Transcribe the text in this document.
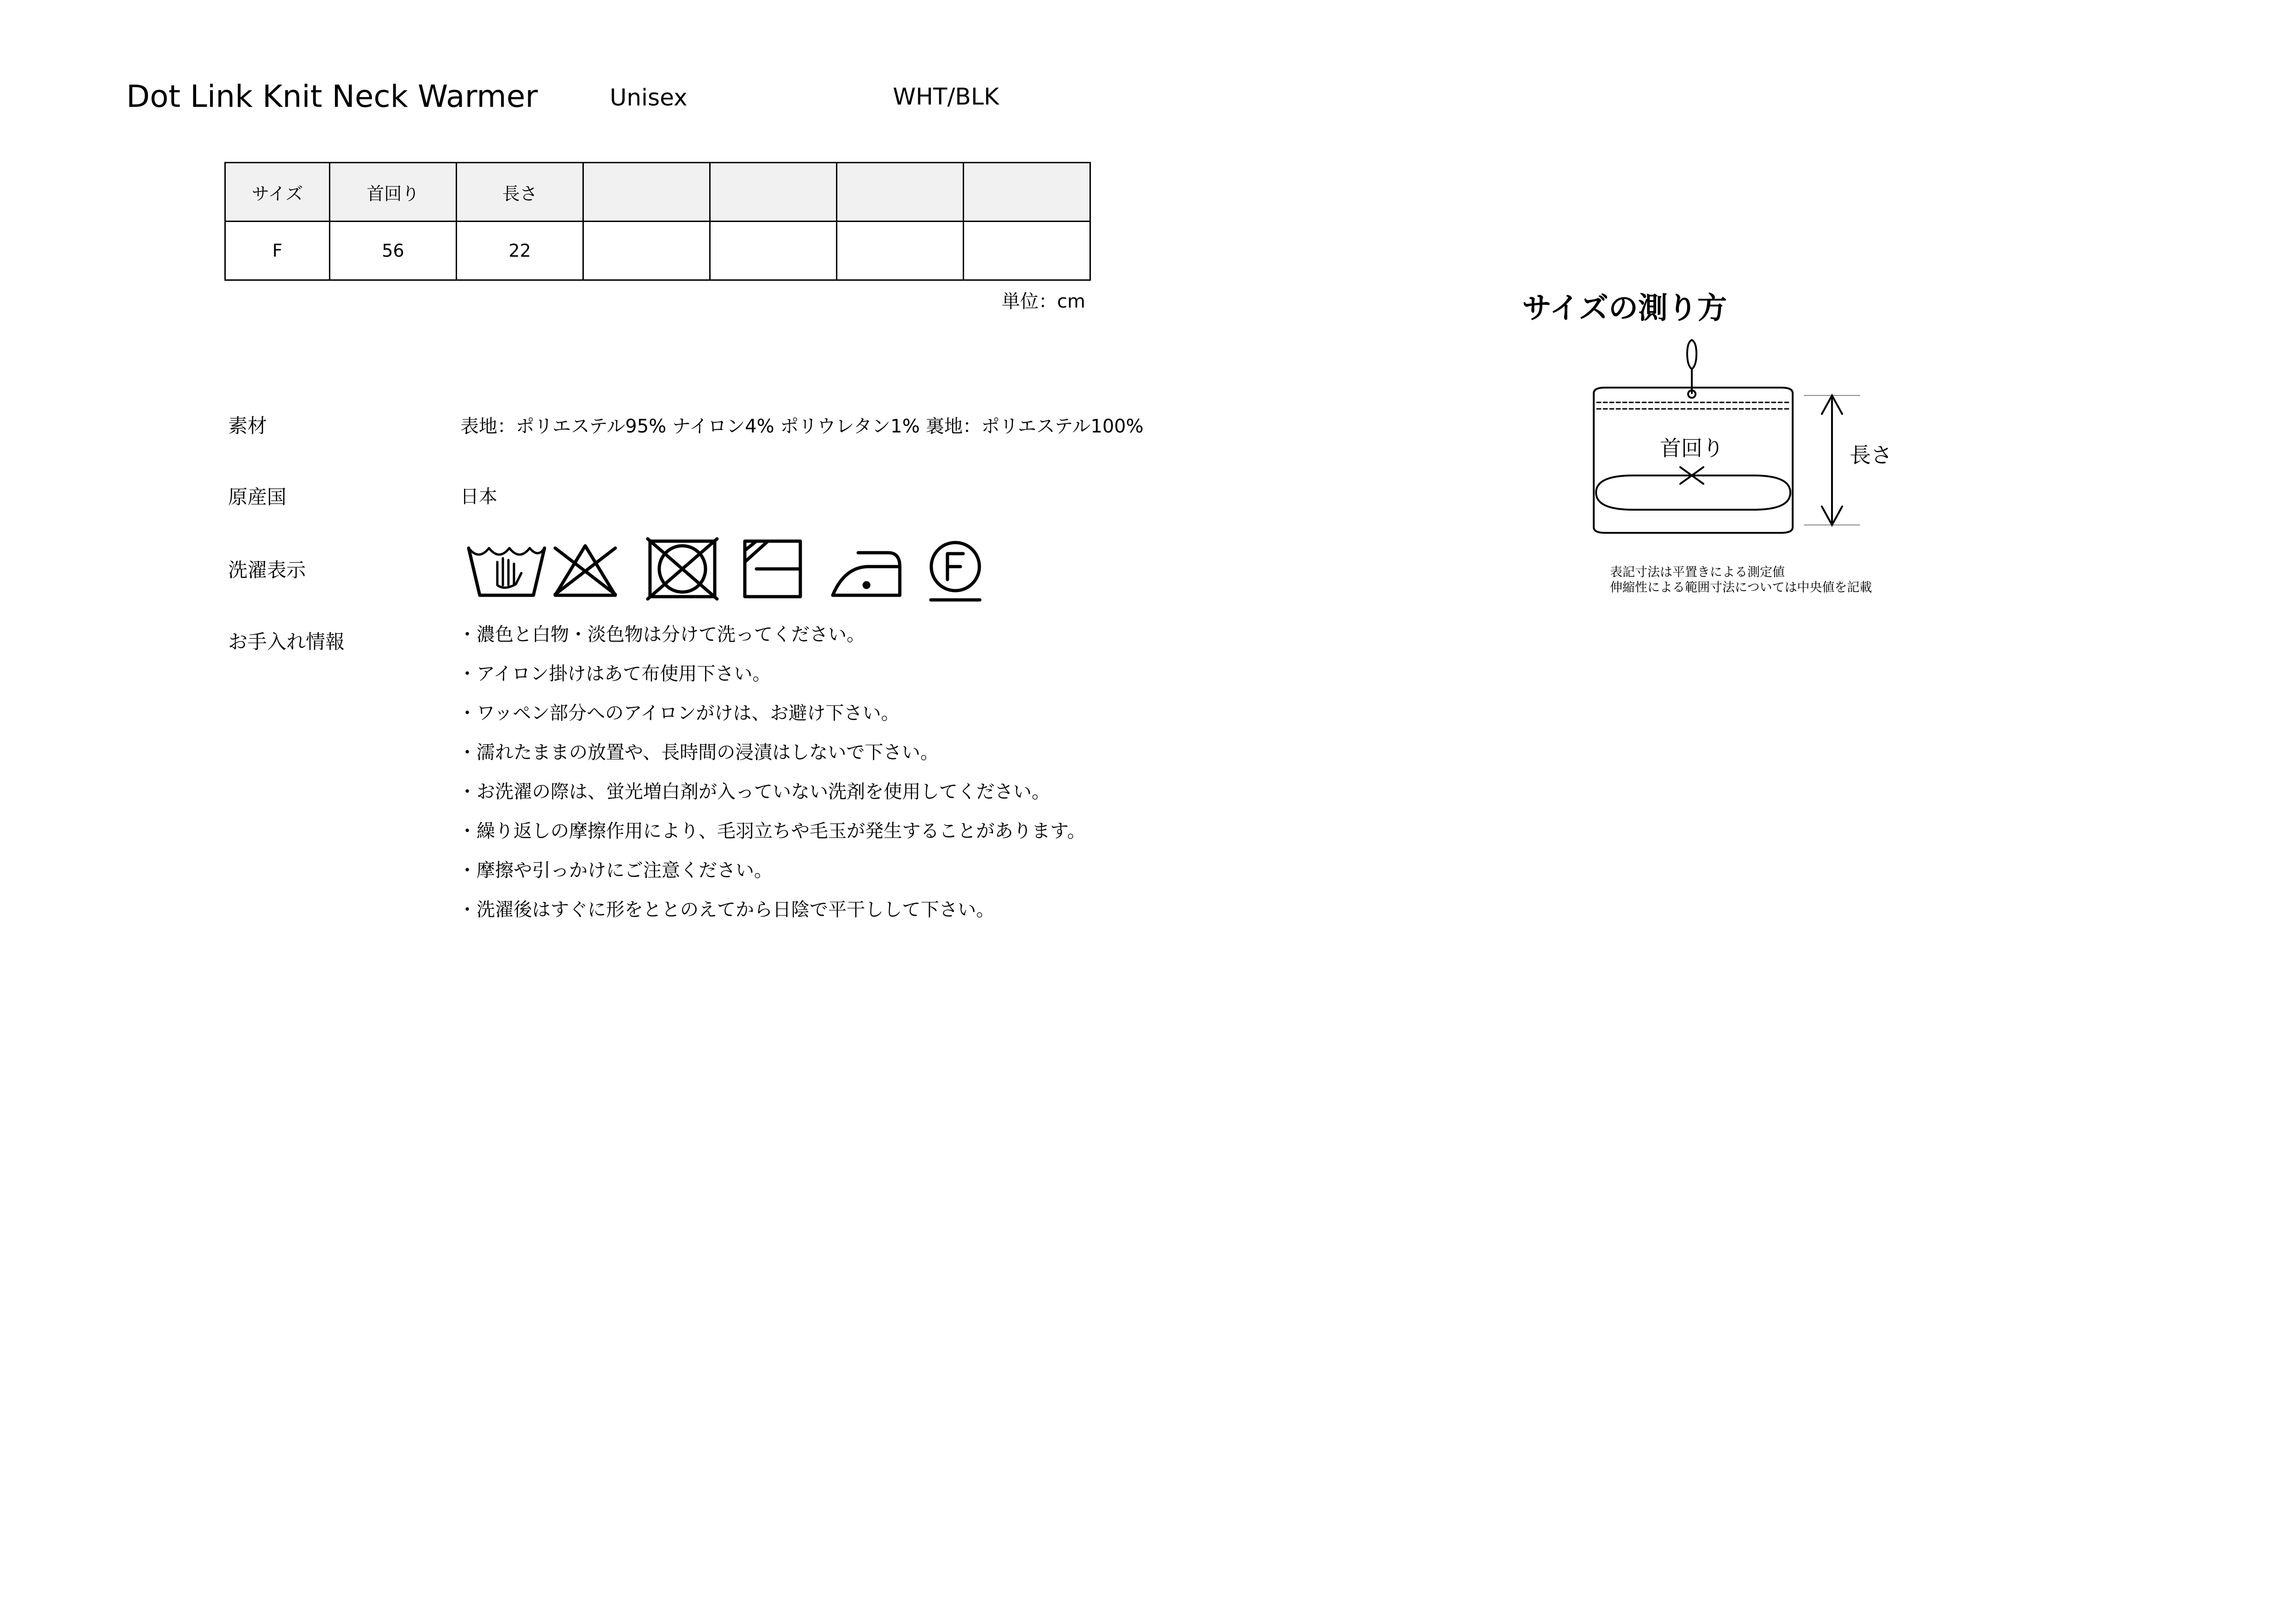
Dot Link Knit Neck Warmer	Unisex	WHT/BLK
サイズ	首回り	長さ				
F	56	22				
単位：cm
素材	表地：ポリエステル95% ナイロン4% ポリウレタン1% 裏地：ポリエステル100%
原産国	日本
洗濯表示
お手入れ情報	・濃色と白物・淡色物は分けて洗ってください。
・アイロン掛けはあて布使用下さい。
・ワッペン部分へのアイロンがけは、お避け下さい。
・濡れたままの放置や、長時間の浸漬はしないで下さい。
・お洗濯の際は、蛍光増白剤が入っていない洗剤を使用してください。
・繰り返しの摩擦作用により、毛羽立ちや毛玉が発生することがあります。
・摩擦や引っかけにご注意ください。
・洗濯後はすぐに形をととのえてから日陰で平干しして下さい。
サイズの測り方
首回り	長さ
表記寸法は平置きによる測定値
伸縮性による範囲寸法については中央値を記載
